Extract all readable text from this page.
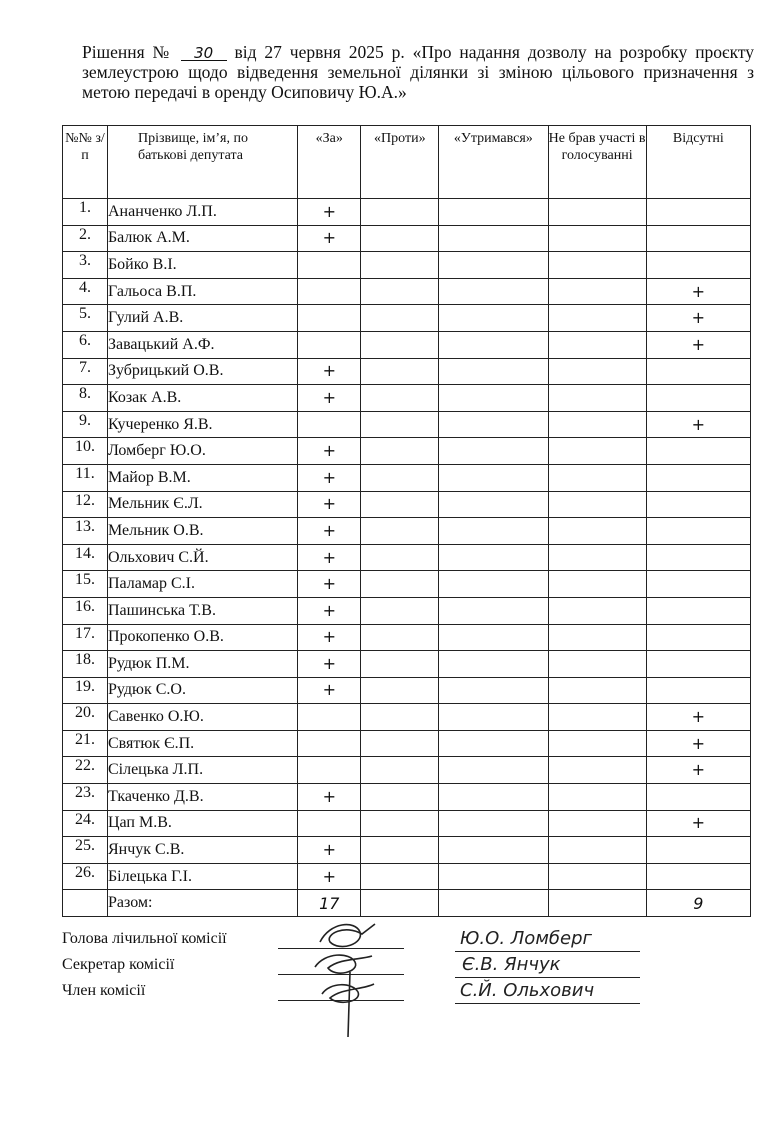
Рішення № 30 від 27 червня 2025 р. «Про надання дозволу на розробку проєкту землеустрою щодо відведення земельної ділянки зі зміною цільового призначення з метою передачі в оренду Осиповичу Ю.А.»
№№ з/п	Прізвище, ім’я, по батькові депутата	«За»	«Проти»	«Утримався»	Не брав участі в голосуванні	Відсутні
1.	Ананченко Л.П.	+				
2.	Балюк А.М.	+				
3.	Бойко В.І.					
4.	Гальоса В.П.					+
5.	Гулий А.В.					+
6.	Завацький А.Ф.					+
7.	Зубрицький О.В.	+				
8.	Козак А.В.	+				
9.	Кучеренко Я.В.					+
10.	Ломберг Ю.О.	+				
11.	Майор В.М.	+				
12.	Мельник Є.Л.	+				
13.	Мельник О.В.	+				
14.	Ольхович С.Й.	+				
15.	Паламар С.І.	+				
16.	Пашинська Т.В.	+				
17.	Прокопенко О.В.	+				
18.	Рудюк П.М.	+				
19.	Рудюк С.О.	+				
20.	Савенко О.Ю.					+
21.	Святюк Є.П.					+
22.	Сілецька Л.П.					+
23.	Ткаченко Д.В.	+				
24.	Цап М.В.					+
25.	Янчук С.В.	+				
26.	Білецька Г.І.	+				
	Разом:	17				9
Голова лічильної комісії
Секретар комісії
Член комісії
Ю.О. Ломберг
Є.В. Янчук
С.Й. Ольхович
